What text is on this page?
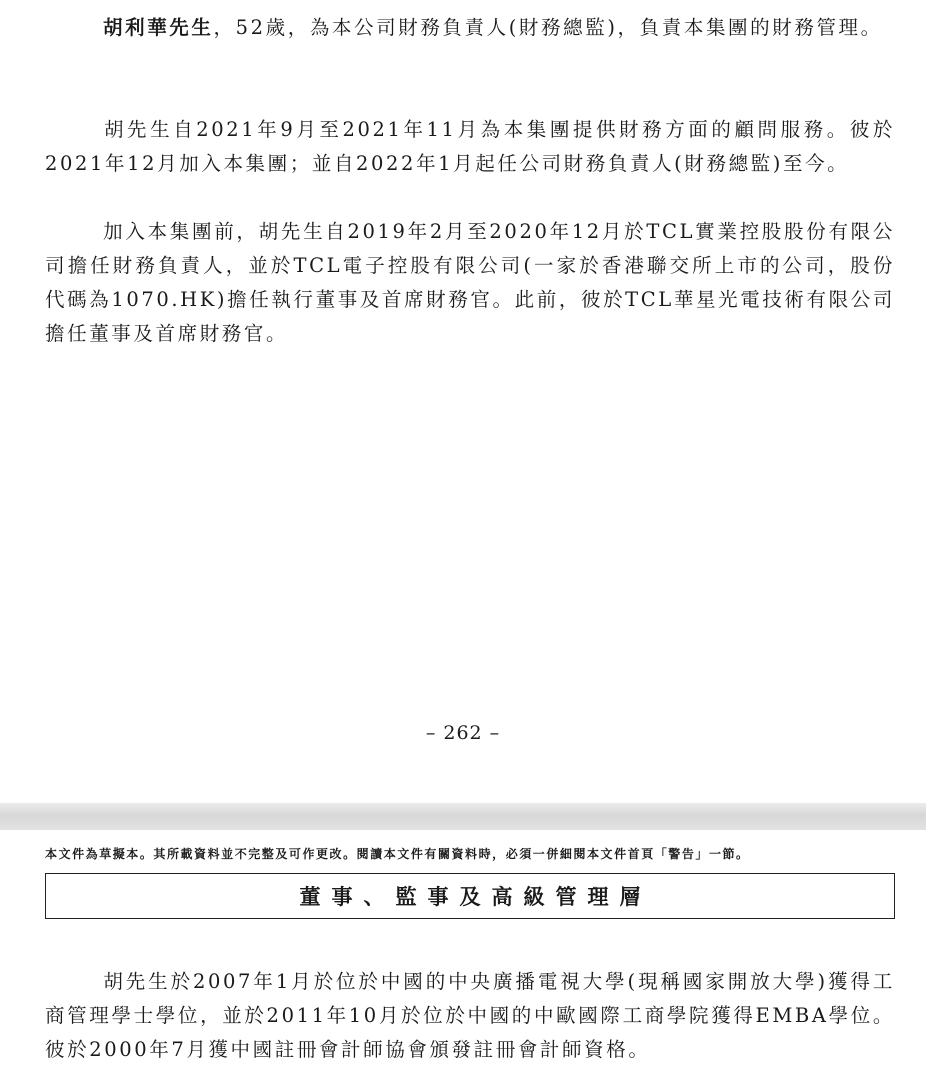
胡利華先生，52歲，為本公司財務負責人(財務總監)，負責本集團的財務管理。

胡先生自2021年9月至2021年11月為本集團提供財務方面的顧問服務。彼於2021年12月加入本集團；並自2022年1月起任公司財務負責人(財務總監)至今。

加入本集團前，胡先生自2019年2月至2020年12月於TCL實業控股股份有限公司擔任財務負責人，並於TCL電子控股有限公司(一家於香港聯交所上市的公司，股份代碼為1070.HK)擔任執行董事及首席財務官。此前，彼於TCL華星光電技術有限公司擔任董事及首席財務官。

– 262 –
本文件為草擬本。其所載資料並不完整及可作更改。閱讀本文件有關資料時，必須一併細閱本文件首頁「警告」一節。
董事、監事及高級管理層

胡先生於2007年1月於位於中國的中央廣播電視大學(現稱國家開放大學)獲得工商管理學士學位，並於2011年10月於位於中國的中歐國際工商學院獲得EMBA學位。彼於2000年7月獲中國註冊會計師協會頒發註冊會計師資格。
